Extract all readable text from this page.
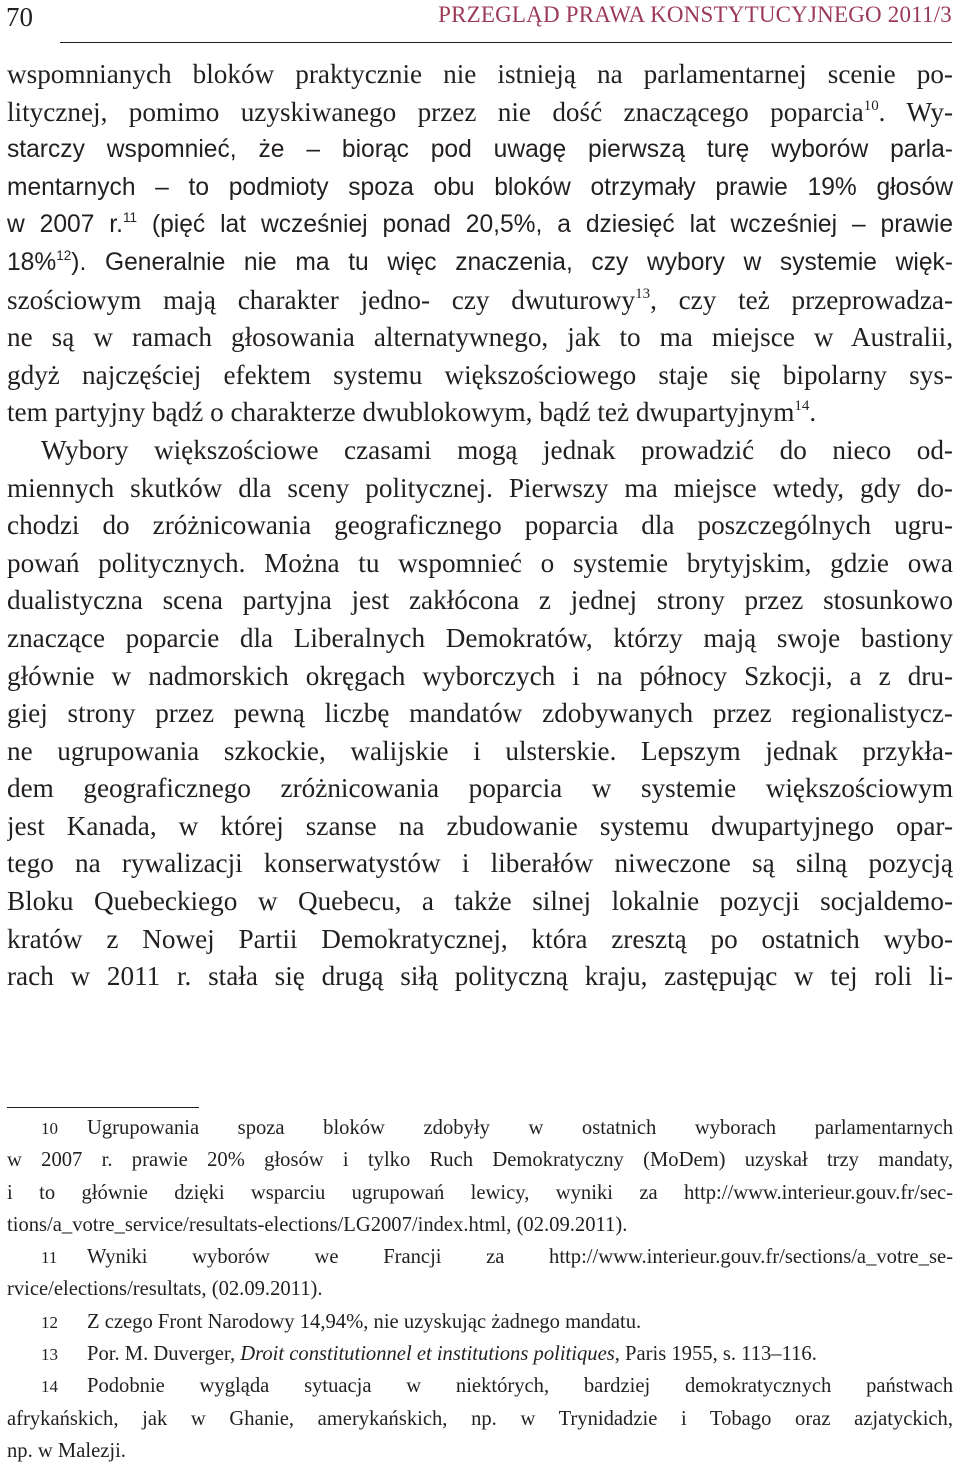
70	PRZEGLĄD PRAWA KONSTYTUCYJNEGO 2011/3
wspomnianych bloków praktycznie nie istnieją na parlamentarnej scenie po-
litycznej, pomimo uzyskiwanego przez nie dość znaczącego poparcia$^{10}$. Wy-
starczy wspomnieć, że – biorąc pod uwagę pierwszą turę wyborów parla-
mentarnych – to podmioty spoza obu bloków otrzymały prawie 19% głosów
w 2007 r.$^{11}$ (pięć lat wcześniej ponad 20,5%, a dziesięć lat wcześniej – prawie
18%$^{12}$). Generalnie nie ma tu więc znaczenia, czy wybory w systemie więk-
szościowym mają charakter jedno- czy dwuturowy$^{13}$, czy też przeprowadza-
ne są w ramach głosowania alternatywnego, jak to ma miejsce w Australii,
gdyż najczęściej efektem systemu większościowego staje się bipolarny sys-
tem partyjny bądź o charakterze dwublokowym, bądź też dwupartyjnym$^{14}$.
Wybory większościowe czasami mogą jednak prowadzić do nieco od-
miennych skutków dla sceny politycznej. Pierwszy ma miejsce wtedy, gdy do-
chodzi do zróżnicowania geograficznego poparcia dla poszczególnych ugru-
powań politycznych. Można tu wspomnieć o systemie brytyjskim, gdzie owa
dualistyczna scena partyjna jest zakłócona z jednej strony przez stosunkowo
znaczące poparcie dla Liberalnych Demokratów, którzy mają swoje bastiony
głównie w nadmorskich okręgach wyborczych i na północy Szkocji, a z dru-
giej strony przez pewną liczbę mandatów zdobywanych przez regionalistycz-
ne ugrupowania szkockie, walijskie i ulsterskie. Lepszym jednak przykła-
dem geograficznego zróżnicowania poparcia w systemie większościowym
jest Kanada, w której szanse na zbudowanie systemu dwupartyjnego opar-
tego na rywalizacji konserwatystów i liberałów niweczone są silną pozycją
Bloku Quebeckiego w Quebecu, a także silnej lokalnie pozycji socjaldemo-
kratów z Nowej Partii Demokratycznej, która zresztą po ostatnich wybo-
rach w 2011 r. stała się drugą siłą polityczną kraju, zastępując w tej roli li-
10 Ugrupowania spoza bloków zdobyły w ostatnich wyborach parlamentarnych
w 2007 r. prawie 20% głosów i tylko Ruch Demokratyczny (MoDem) uzyskał trzy mandaty,
i to głównie dzięki wsparciu ugrupowań lewicy, wyniki za http://www.interieur.gouv.fr/sec-
tions/a_votre_service/resultats-elections/LG2007/index.html, (02.09.2011).
11 Wyniki wyborów we Francji za http://www.interieur.gouv.fr/sections/a_votre_se-
rvice/elections/resultats, (02.09.2011).
12 Z czego Front Narodowy 14,94%, nie uzyskując żadnego mandatu.
13 Por. M. Duverger, Droit constitutionnel et institutions politiques, Paris 1955, s. 113–116.
14 Podobnie wygląda sytuacja w niektórych, bardziej demokratycznych państwach
afrykańskich, jak w Ghanie, amerykańskich, np. w Trynidadzie i Tobago oraz azjatyckich,
np. w Malezji.
